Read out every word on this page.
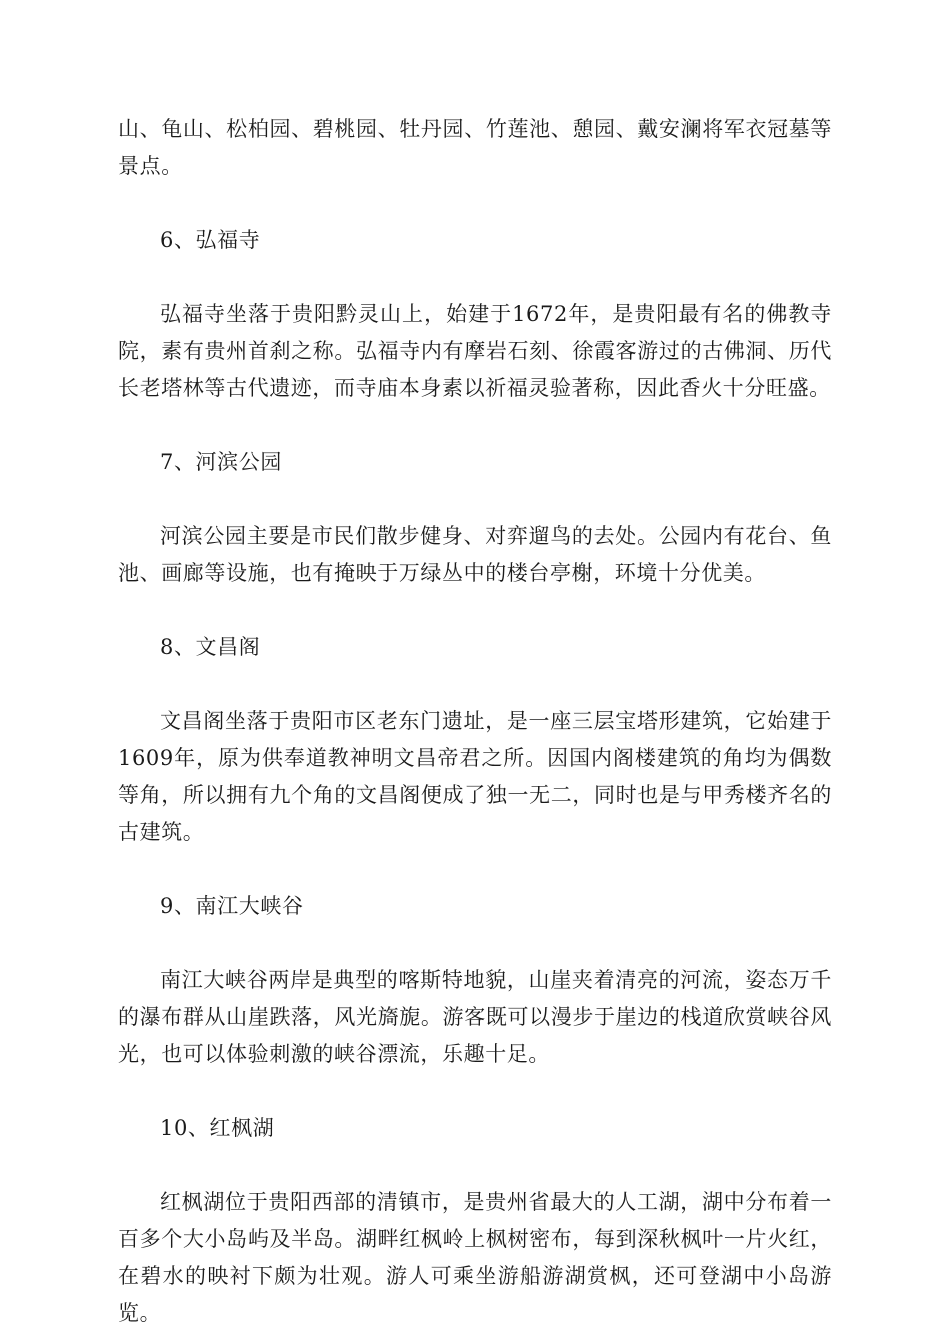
山、龟山、松柏园、碧桃园、牡丹园、竹莲池、憩园、戴安澜将军衣冠墓等景点。

6、弘福寺

弘福寺坐落于贵阳黔灵山上，始建于1672年，是贵阳最有名的佛教寺院，素有贵州首刹之称。弘福寺内有摩岩石刻、徐霞客游过的古佛洞、历代长老塔林等古代遗迹，而寺庙本身素以祈福灵验著称，因此香火十分旺盛。

7、河滨公园

河滨公园主要是市民们散步健身、对弈遛鸟的去处。公园内有花台、鱼池、画廊等设施，也有掩映于万绿丛中的楼台亭榭，环境十分优美。

8、文昌阁

文昌阁坐落于贵阳市区老东门遗址，是一座三层宝塔形建筑，它始建于1609年，原为供奉道教神明文昌帝君之所。因国内阁楼建筑的角均为偶数等角，所以拥有九个角的文昌阁便成了独一无二，同时也是与甲秀楼齐名的古建筑。

9、南江大峡谷

南江大峡谷两岸是典型的喀斯特地貌，山崖夹着清亮的河流，姿态万千的瀑布群从山崖跌落，风光旖旎。游客既可以漫步于崖边的栈道欣赏峡谷风光，也可以体验刺激的峡谷漂流，乐趣十足。

10、红枫湖

红枫湖位于贵阳西部的清镇市，是贵州省最大的人工湖，湖中分布着一百多个大小岛屿及半岛。湖畔红枫岭上枫树密布，每到深秋枫叶一片火红，在碧水的映衬下颇为壮观。游人可乘坐游船游湖赏枫，还可登湖中小岛游览。
